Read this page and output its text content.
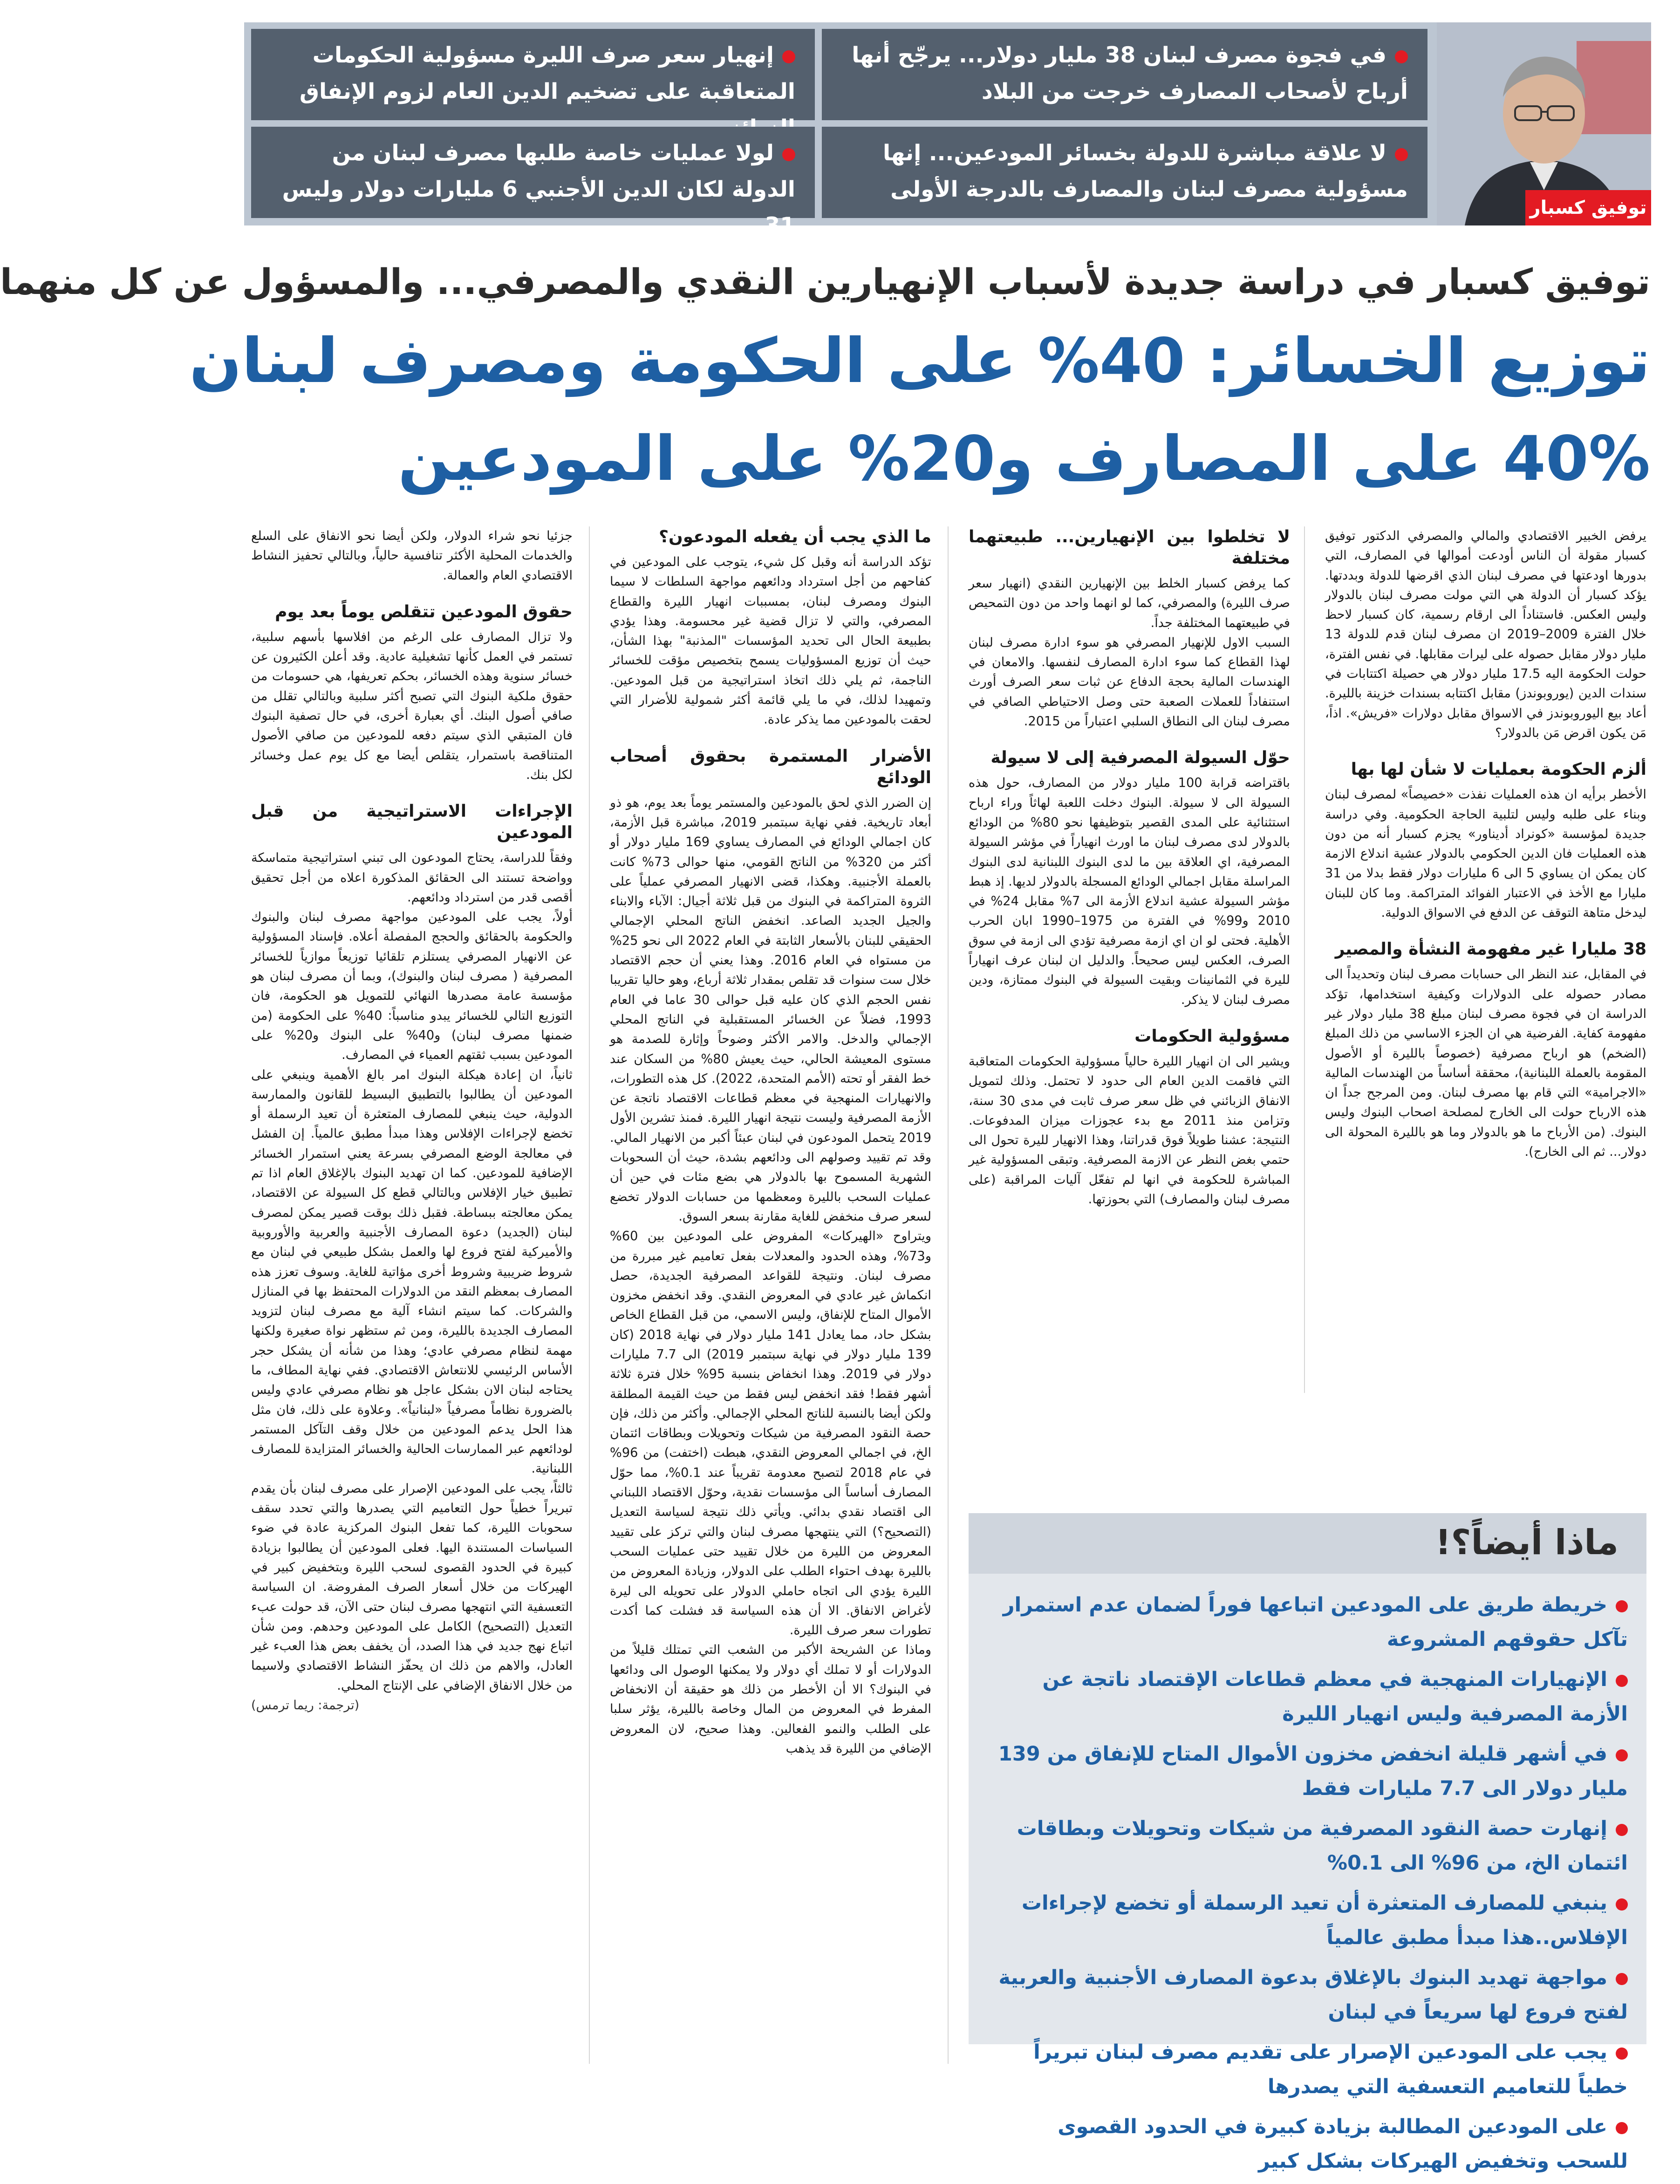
في فجوة مصرف لبنان 38 مليار دولار... يرجّح أنها أرباح لأصحاب المصارف خرجت من البلاد
إنهيار سعر صرف الليرة مسؤولية الحكومات المتعاقبة على تضخيم الدين العام لزوم الإنفاق
لا علاقة مباشرة للدولة بخسائر المودعين... إنها مسؤولية مصرف لبنان والمصارف بالدرجة الأولى
لولا عمليات خاصة طلبها مصرف لبنان من الدولة لكان الدين الأجنبي 6 مليارات دولار وليس 31
توفيق كسبار
توفيق كسبار في دراسة جديدة لأسباب الإنهيارين النقدي والمصرفي... والمسؤول عن كل منهما
توزيع الخسائر: 40% على الحكومة ومصرف لبنان
40% على المصارف و20% على المودعين

يرفض الخبير الاقتصادي والمالي والمصرفي الدكتور توفيق كسبار مقولة أن الناس أودعت أموالها في المصارف، التي بدورها اودعتها في مصرف لبنان الذي اقرضها للدولة وبددتها. يؤكد كسبار أن الدولة هي التي مولت مصرف لبنان بالدولار وليس العكس. فاستناداً الى ارقام رسمية، كان كسبار لاحظ خلال الفترة 2009–2019 ان مصرف لبنان قدم للدولة 13 مليار دولار مقابل حصوله على ليرات مقابلها. في نفس الفترة، حولت الحكومة اليه 17.5 مليار دولار هي حصيلة اكتتابات في سندات الدين (يوروبوندز) مقابل اكتتابه بسندات خزينة بالليرة. أعاد بيع اليوروبوندز في الاسواق مقابل دولارات «فريش». اذاً، مَن يكون اقرض مَن بالدولار؟

ألزم الحكومة بعمليات لا شأن لها بها

الأخطر برأيه ان هذه العمليات نفذت «خصيصاً» لمصرف لبنان وبناء على طلبه وليس لتلبية الحاجة الحكومية. وفي دراسة جديدة لمؤسسة «كونراد أديناور» يجزم كسبار أنه من دون هذه العمليات فان الدين الحكومي بالدولار عشية اندلاع الازمة كان يمكن ان يساوي 5 الى 6 مليارات دولار فقط بدلا من 31 مليارا مع الأخذ في الاعتبار الفوائد المتراكمة. وما كان للبنان ليدخل متاهة التوقف عن الدفع في الاسواق الدولية.

38 مليارا غير مفهومة النشأة والمصير

في المقابل، عند النظر الى حسابات مصرف لبنان وتحديداً الى مصادر حصوله على الدولارات وكيفية استخدامها، تؤكد الدراسة ان في فجوة مصرف لبنان مبلغ 38 مليار دولار غير مفهومة كفاية. الفرضية هي ان الجزء الاساسي من ذلك المبلغ (الضخم) هو ارباح مصرفية (خصوصاً بالليرة أو الأصول المقومة بالعملة اللبنانية)، محققة أساساً من الهندسات المالية «الاجرامية» التي قام بها مصرف لبنان. ومن المرجح جداً ان هذه الارباح حولت الى الخارج لمصلحة اصحاب البنوك وليس البنوك. (من الأرباح ما هو بالدولار وما هو بالليرة المحولة الى دولار... ثم الى الخارج).

لا تخلطوا بين الإنهيارين... طبيعتهما مختلفة

كما يرفض كسبار الخلط بين الإنهيارين النقدي (انهيار سعر صرف الليرة) والمصرفي، كما لو انهما واحد من دون التمحيص في طبيعتهما المختلفة جداً.

السبب الاول للإنهيار المصرفي هو سوء ادارة مصرف لبنان لهذا القطاع كما سوء ادارة المصارف لنفسها. والامعان في الهندسات المالية بحجة الدفاع عن ثبات سعر الصرف أورث استنفاداً للعملات الصعبة حتى وصل الاحتياطي الصافي في مصرف لبنان الى النطاق السلبي اعتباراً من 2015.

حوّل السيولة المصرفية إلى لا سيولة

باقتراضه قرابة 100 مليار دولار من المصارف، حول هذه السيولة الى لا سيولة. البنوك دخلت اللعبة لهاثاً وراء ارباح استثنائية على المدى القصير بتوظيفها نحو 80% من الودائع بالدولار لدى مصرف لبنان ما اورث انهياراً في مؤشر السيولة المصرفية، اي العلاقة بين ما لدى البنوك اللبنانية لدى البنوك المراسلة مقابل اجمالي الودائع المسجلة بالدولار لديها. إذ هبط مؤشر السيولة عشية اندلاع الأزمة الى 7% مقابل 24% في 2010 و99% في الفترة من 1975–1990 ابان الحرب الأهلية. فحتى لو ان اي ازمة مصرفية تؤدي الى ازمة في سوق الصرف، العكس ليس صحيحاً. والدليل ان لبنان عرف انهياراً لليرة في الثمانينات وبقيت السيولة في البنوك ممتازة، ودين مصرف لبنان لا يذكر.

مسؤولية الحكومات

ويشير الى ان انهيار الليرة حالياً مسؤولية الحكومات المتعاقبة التي فاقمت الدين العام الى حدود لا تحتمل. وذلك لتمويل الانفاق الزبائني في ظل سعر صرف ثابت في مدى 30 سنة، وتزامن منذ 2011 مع بدء عجوزات ميزان المدفوعات. النتيجة: عشنا طويلاً فوق قدراتنا، وهذا الانهيار لليرة تحول الى حتمي بغض النظر عن الازمة المصرفية. وتبقى المسؤولية غير المباشرة للحكومة في انها لم تفعّل آليات المراقبة (على مصرف لبنان والمصارف) التي بحوزتها.

ما الذي يجب أن يفعله المودعون؟

تؤكد الدراسة أنه وقبل كل شيء، يتوجب على المودعين في كفاحهم من أجل استرداد ودائعهم مواجهة السلطات لا سيما البنوك ومصرف لبنان، بمسببات انهيار الليرة والقطاع المصرفي، والتي لا تزال قضية غير محسومة. وهذا يؤدي بطبيعة الحال الى تحديد المؤسسات "المذنبة" بهذا الشأن، حيث أن توزيع المسؤوليات يسمح بتخصيص مؤقت للخسائر الناجمة، ثم يلي ذلك اتخاذ استراتيجية من قبل المودعين. وتمهيدا لذلك، في ما يلي قائمة أكثر شمولية للأضرار التي لحقت بالمودعين مما يذكر عادة.

الأضرار المستمرة بحقوق أصحاب الودائع

إن الضرر الذي لحق بالمودعين والمستمر يوماً بعد يوم، هو ذو أبعاد تاريخية. ففي نهاية سبتمبر 2019، مباشرة قبل الأزمة، كان اجمالي الودائع في المصارف يساوي 169 مليار دولار أو أكثر من 320% من الناتج القومي، منها حوالى 73% كانت بالعملة الأجنبية. وهكذا، قضى الانهيار المصرفي عملياً على الثروة المتراكمة في البنوك من قبل ثلاثة أجيال: الآباء والابناء والجيل الجديد الصاعد. انخفض الناتج المحلي الإجمالي الحقيقي للبنان بالأسعار الثابتة في العام 2022 الى نحو 25% من مستواه في العام 2016. وهذا يعني أن حجم الاقتصاد خلال ست سنوات قد تقلص بمقدار ثلاثة أرباع، وهو حاليا تقريبا نفس الحجم الذي كان عليه قبل حوالى 30 عاما في العام 1993، فضلاً عن الخسائر المستقبلية في الناتج المحلي الإجمالي والدخل. والامر الأكثر وضوحاً وإثارة للصدمة هو مستوى المعيشة الحالي، حيث يعيش 80% من السكان عند خط الفقر أو تحته (الأمم المتحدة، 2022). كل هذه التطورات، والانهيارات المنهجية في معظم قطاعات الاقتصاد ناتجة عن الأزمة المصرفية وليست نتيجة انهيار الليرة. فمنذ تشرين الأول 2019 يتحمل المودعون في لبنان عبئاً أكبر من الانهيار المالي. وقد تم تقييد وصولهم الى ودائعهم بشدة، حيث أن السحوبات الشهرية المسموح بها بالدولار هي بضع مئات في حين أن عمليات السحب بالليرة ومعظمها من حسابات الدولار تخضع لسعر صرف منخفض للغاية مقارنة بسعر السوق.

ويتراوح «الهيركات» المفروض على المودعين بين 60% و73%، وهذه الحدود والمعدلات بفعل تعاميم غير مبررة من مصرف لبنان. ونتيجة للقواعد المصرفية الجديدة، حصل انكماش غير عادي في المعروض النقدي. وقد انخفض مخزون الأموال المتاح للإنفاق، وليس الاسمي، من قبل القطاع الخاص بشكل حاد، مما يعادل 141 مليار دولار في نهاية 2018 (كان 139 مليار دولار في نهاية سبتمبر 2019) الى 7.7 مليارات دولار في 2019. وهذا انخفاض بنسبة 95% خلال فترة ثلاثة أشهر فقط! فقد انخفض ليس فقط من حيث القيمة المطلقة ولكن أيضا بالنسبة للناتج المحلي الإجمالي. وأكثر من ذلك، فإن حصة النقود المصرفية من شيكات وتحويلات وبطاقات ائتمان الخ، في اجمالي المعروض النقدي، هبطت (اختفت) من 96% في عام 2018 لتصبح معدومة تقريباً عند 0.1%، مما حوّل المصارف أساساً الى مؤسسات نقدية، وحوّل الاقتصاد اللبناني الى اقتصاد نقدي بدائي. ويأتي ذلك نتيجة لسياسة التعديل (التصحيح؟) التي ينتهجها مصرف لبنان والتي تركز على تقييد المعروض من الليرة من خلال تقييد حتى عمليات السحب بالليرة بهدف احتواء الطلب على الدولار، وزيادة المعروض من الليرة يؤدي الى اتجاه حاملي الدولار على تحويله الى ليرة لأغراض الانفاق. الا أن هذه السياسة قد فشلت كما أكدت تطورات سعر صرف الليرة.

وماذا عن الشريحة الأكبر من الشعب التي تمتلك قليلاً من الدولارات أو لا تملك أي دولار ولا يمكنها الوصول الى ودائعها في البنوك؟ الا أن الأخطر من ذلك هو حقيقة أن الانخفاض المفرط في المعروض من المال وخاصة بالليرة، يؤثر سلبا على الطلب والنمو الفعالين. وهذا صحيح، لان المعروض الإضافي من الليرة قد يذهب

جزئيا نحو شراء الدولار، ولكن أيضا نحو الانفاق على السلع والخدمات المحلية الأكثر تنافسية حالياً، وبالتالي تحفيز النشاط الاقتصادي العام والعمالة.

حقوق المودعين تتقلص يوماً بعد يوم

ولا تزال المصارف على الرغم من افلاسها بأسهم سلبية، تستمر في العمل كأنها تشغيلية عادية. وقد أعلن الكثيرون عن خسائر سنوية وهذه الخسائر، بحكم تعريفها، هي حسومات من حقوق ملكية البنوك التي تصبح أكثر سلبية وبالتالي تقلل من صافي أصول البنك. أي بعبارة أخرى، في حال تصفية البنوك فان المتبقي الذي سيتم دفعه للمودعين من صافي الأصول المتناقصة باستمرار، يتقلص أيضا مع كل يوم عمل وخسائر لكل بنك.

الإجراءات الاستراتيجية من قبل المودعين

وفقاً للدراسة، يحتاج المودعون الى تبني استراتيجية متماسكة وواضحة تستند الى الحقائق المذكورة اعلاه من أجل تحقيق أقصى قدر من استرداد ودائعهم.

أولاً، يجب على المودعين مواجهة مصرف لبنان والبنوك والحكومة بالحقائق والحجج المفصلة أعلاه. فإسناد المسؤولية عن الانهيار المصرفي يستلزم تلقائيا توزيعاً موازياً للخسائر المصرفية ( مصرف لبنان والبنوك)، وبما أن مصرف لبنان هو مؤسسة عامة مصدرها النهائي للتمويل هو الحكومة، فان التوزيع التالي للخسائر يبدو مناسباً: 40% على الحكومة (من ضمنها مصرف لبنان) و40% على البنوك و20% على المودعين بسبب ثقتهم العمياء في المصارف.

ثانياً، ان إعادة هيكلة البنوك امر بالغ الأهمية وينبغي على المودعين أن يطالبوا بالتطبيق البسيط للقانون والممارسة الدولية، حيث ينبغي للمصارف المتعثرة أن تعيد الرسملة أو تخضع لإجراءات الإفلاس وهذا مبدأ مطبق عالمياً. إن الفشل في معالجة الوضع المصرفي بسرعة يعني استمرار الخسائر الإضافية للمودعين. كما ان تهديد البنوك بالإغلاق العام اذا تم تطبيق خيار الإفلاس وبالتالي قطع كل السيولة عن الاقتصاد، يمكن معالجته ببساطة. فقبل ذلك بوقت قصير يمكن لمصرف لبنان (الجديد) دعوة المصارف الأجنبية والعربية والأوروبية والأميركية لفتح فروع لها والعمل بشكل طبيعي في لبنان مع شروط ضريبية وشروط أخرى مؤاتية للغاية. وسوف تعزز هذه المصارف بمعظم النقد من الدولارات المحتفظ بها في المنازل والشركات. كما سيتم انشاء آلية مع مصرف لبنان لتزويد المصارف الجديدة بالليرة، ومن ثم ستظهر نواة صغيرة ولكنها مهمة لنظام مصرفي عادي؛ وهذا من شأنه أن يشكل حجر الأساس الرئيسي للانتعاش الاقتصادي. ففي نهاية المطاف، ما يحتاجه لبنان الان بشكل عاجل هو نظام مصرفي عادي وليس بالضرورة نظاماً مصرفياً «لبنانياً». وعلاوة على ذلك، فان مثل هذا الحل يدعم المودعين من خلال وقف التآكل المستمر لودائعهم عبر الممارسات الحالية والخسائر المتزايدة للمصارف اللبنانية.

ثالثاً، يجب على المودعين الإصرار على مصرف لبنان بأن يقدم تبريراً خطياً حول التعاميم التي يصدرها والتي تحدد سقف سحوبات الليرة، كما تفعل البنوك المركزية عادة في ضوء السياسات المستندة اليها. فعلى المودعين أن يطالبوا بزيادة كبيرة في الحدود القصوى لسحب الليرة وبتخفيض كبير في الهيركات من خلال أسعار الصرف المفروضة. ان السياسة التعسفية التي انتهجها مصرف لبنان حتى الآن، قد حولت عبء التعديل (التصحيح) الكامل على المودعين وحدهم. ومن شأن اتباع نهج جديد في هذا الصدد، أن يخفف بعض هذا العبء غير العادل، والاهم من ذلك ان يحفّز النشاط الاقتصادي ولاسيما من خلال الانفاق الإضافي على الإنتاج المحلي.

(ترجمة: ريما ترمس)

ماذا أيضاً؟!
خريطة طريق على المودعين اتباعها فوراً لضمان عدم استمرار تآكل حقوقهم المشروعة
الإنهيارات المنهجية في معظم قطاعات الإقتصاد ناتجة عن الأزمة المصرفية وليس انهيار الليرة
في أشهر قليلة انخفض مخزون الأموال المتاح للإنفاق من 139 مليار دولار الى 7.7 مليارات فقط
إنهارت حصة النقود المصرفية من شيكات وتحويلات وبطاقات ائتمان الخ، من 96% الى 0.1%
ينبغي للمصارف المتعثرة أن تعيد الرسملة أو تخضع لإجراءات الإفلاس..هذا مبدأ مطبق عالمياً
مواجهة تهديد البنوك بالإغلاق بدعوة المصارف الأجنبية والعربية لفتح فروع لها سريعاً في لبنان
يجب على المودعين الإصرار على تقديم مصرف لبنان تبريراً خطياً للتعاميم التعسفية التي يصدرها
على المودعين المطالبة بزيادة كبيرة في الحدود القصوى للسحب وتخفيض الهيركات بشكل كبير
